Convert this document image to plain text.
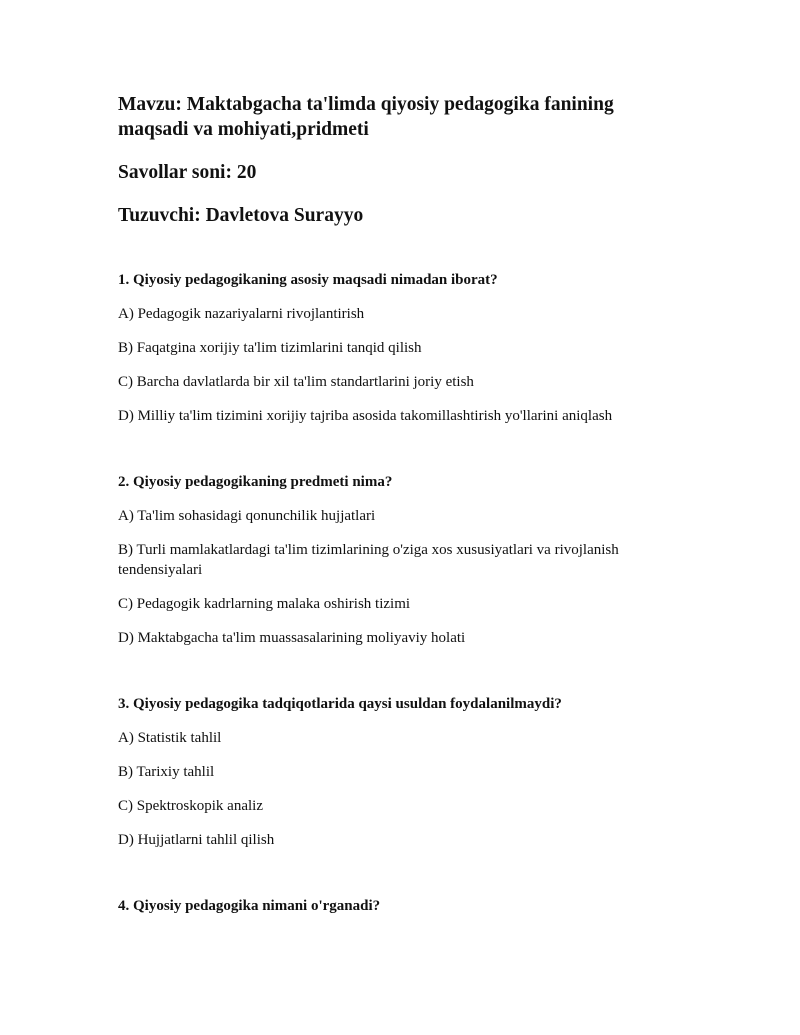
Mavzu: Maktabgacha ta'limda qiyosiy pedagogika fanining maqsadi va mohiyati,pridmeti
Savollar soni: 20
Tuzuvchi: Davletova Surayyo
1. Qiyosiy pedagogikaning asosiy maqsadi nimadan iborat?
A) Pedagogik nazariyalarni rivojlantirish
B) Faqatgina xorijiy ta'lim tizimlarini tanqid qilish
C) Barcha davlatlarda bir xil ta'lim standartlarini joriy etish
D) Milliy ta'lim tizimini xorijiy tajriba asosida takomillashtirish yo'llarini aniqlash
2. Qiyosiy pedagogikaning predmeti nima?
A) Ta'lim sohasidagi qonunchilik hujjatlari
B) Turli mamlakatlardagi ta'lim tizimlarining o'ziga xos xususiyatlari va rivojlanish tendensiyalari
C) Pedagogik kadrlarning malaka oshirish tizimi
D) Maktabgacha ta'lim muassasalarining moliyaviy holati
3. Qiyosiy pedagogika tadqiqotlarida qaysi usuldan foydalanilmaydi?
A) Statistik tahlil
B) Tarixiy tahlil
C) Spektroskopik analiz
D) Hujjatlarni tahlil qilish
4. Qiyosiy pedagogika nimani o'rganadi?
